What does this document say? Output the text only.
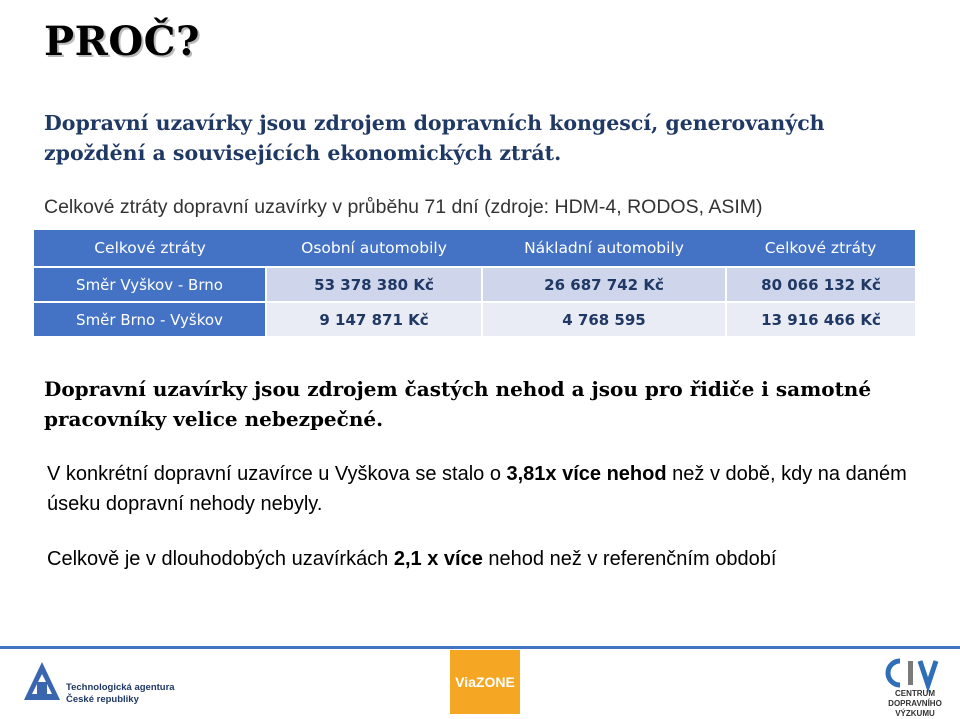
PROČ?

Dopravní uzavírky jsou zdrojem dopravních kongescí, generovaných zpoždění a souvisejících ekonomických ztrát.

Celkové ztráty dopravní uzavírky v průběhu 71 dní (zdroje: HDM-4, RODOS, ASIM)

Celkové ztráty	Osobní automobily	Nákladní automobily	Celkové ztráty
Směr Vyškov - Brno	53 378 380 Kč	26 687 742 Kč	80 066 132 Kč
Směr Brno - Vyškov	9 147 871 Kč	4 768 595	13 916 466 Kč

Dopravní uzavírky jsou zdrojem častých nehod a jsou pro řidiče i samotné pracovníky velice nebezpečné.

V konkrétní dopravní uzavírce u Vyškova se stalo o 3,81x více nehod než v době, kdy na daném úseku dopravní nehody nebyly.

Celkově je v dlouhodobých uzavírkách 2,1 x více nehod než v referenčním období

Technologická agentura
České republiky
ViaZONE
CENTRUM
DOPRAVNÍHO
VÝZKUMU
